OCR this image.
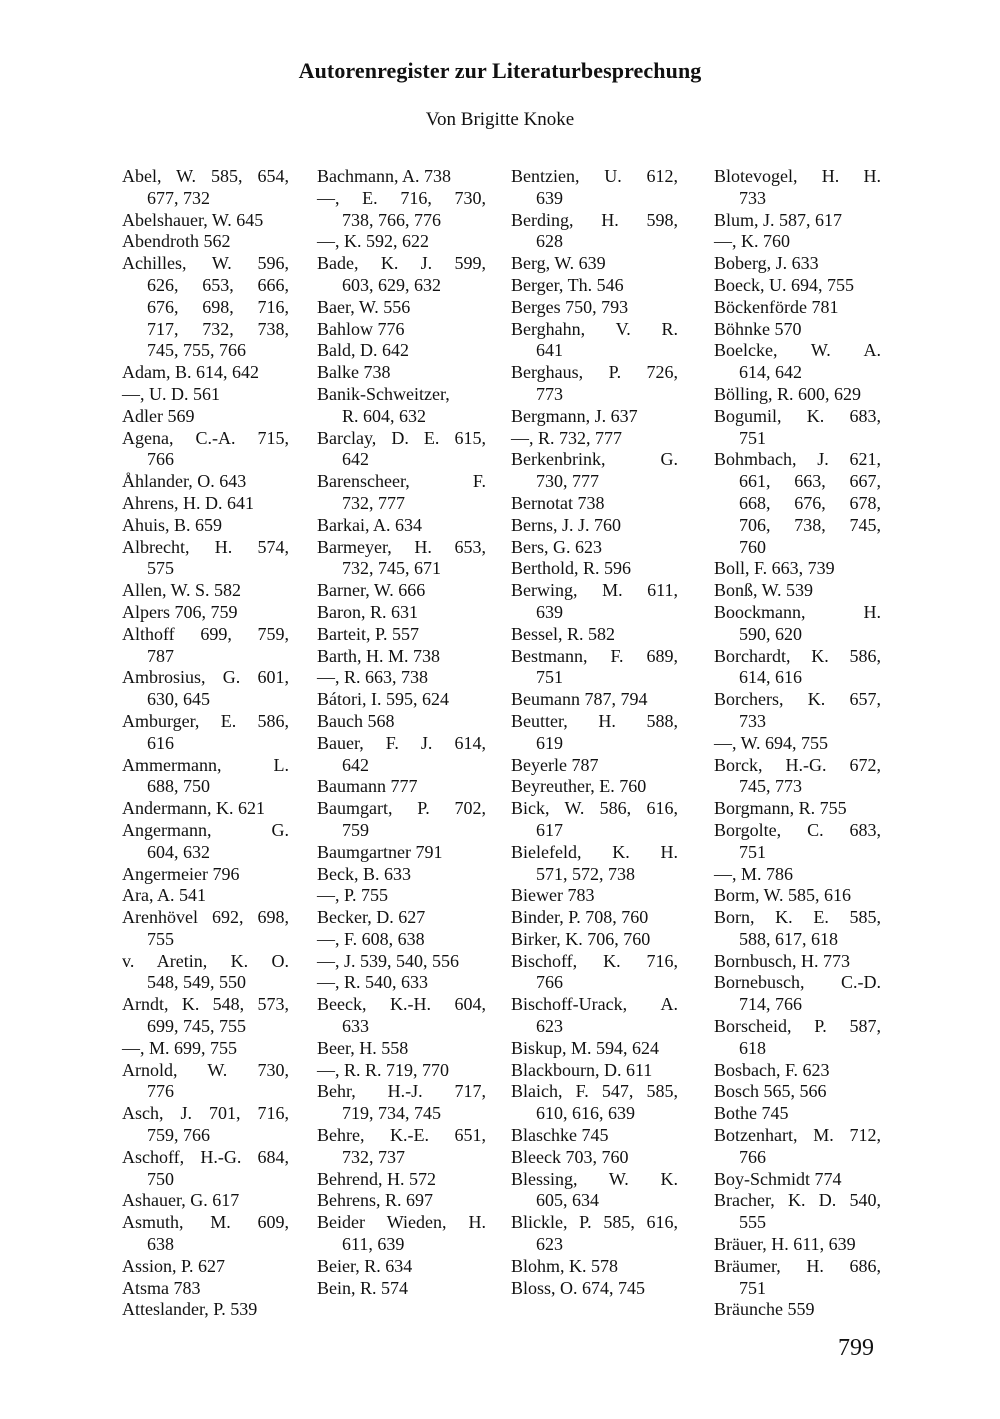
Autorenregister zur Literaturbesprechung
Von Brigitte Knoke
Abel, W. 585, 654,
677, 732
Abelshauer, W. 645
Abendroth 562
Achilles, W. 596,
626, 653, 666,
676, 698, 716,
717, 732, 738,
745, 755, 766
Adam, B. 614, 642
—, U. D. 561
Adler 569
Agena, C.-A. 715,
766
Åhlander, O. 643
Ahrens, H. D. 641
Ahuis, B. 659
Albrecht, H. 574,
575
Allen, W. S. 582
Alpers 706, 759
Althoff 699, 759,
787
Ambrosius, G. 601,
630, 645
Amburger, E. 586,
616
Ammermann, L.
688, 750
Andermann, K. 621
Angermann, G.
604, 632
Angermeier 796
Ara, A. 541
Arenhövel 692, 698,
755
v. Aretin, K. O.
548, 549, 550
Arndt, K. 548, 573,
699, 745, 755
—, M. 699, 755
Arnold, W. 730,
776
Asch, J. 701, 716,
759, 766
Aschoff, H.-G. 684,
750
Ashauer, G. 617
Asmuth, M. 609,
638
Assion, P. 627
Atsma 783
Atteslander, P. 539
Bachmann, A. 738
—, E. 716, 730,
738, 766, 776
—, K. 592, 622
Bade, K. J. 599,
603, 629, 632
Baer, W. 556
Bahlow 776
Bald, D. 642
Balke 738
Banik-Schweitzer,
R. 604, 632
Barclay, D. E. 615,
642
Barenscheer, F.
732, 777
Barkai, A. 634
Barmeyer, H. 653,
732, 745, 671
Barner, W. 666
Baron, R. 631
Barteit, P. 557
Barth, H. M. 738
—, R. 663, 738
Bátori, I. 595, 624
Bauch 568
Bauer, F. J. 614,
642
Baumann 777
Baumgart, P. 702,
759
Baumgartner 791
Beck, B. 633
—, P. 755
Becker, D. 627
—, F. 608, 638
—, J. 539, 540, 556
—, R. 540, 633
Beeck, K.-H. 604,
633
Beer, H. 558
—, R. R. 719, 770
Behr, H.-J. 717,
719, 734, 745
Behre, K.-E. 651,
732, 737
Behrend, H. 572
Behrens, R. 697
Beider Wieden, H.
611, 639
Beier, R. 634
Bein, R. 574
Bentzien, U. 612,
639
Berding, H. 598,
628
Berg, W. 639
Berger, Th. 546
Berges 750, 793
Berghahn, V. R.
641
Berghaus, P. 726,
773
Bergmann, J. 637
—, R. 732, 777
Berkenbrink, G.
730, 777
Bernotat 738
Berns, J. J. 760
Bers, G. 623
Berthold, R. 596
Berwing, M. 611,
639
Bessel, R. 582
Bestmann, F. 689,
751
Beumann 787, 794
Beutter, H. 588,
619
Beyerle 787
Beyreuther, E. 760
Bick, W. 586, 616,
617
Bielefeld, K. H.
571, 572, 738
Biewer 783
Binder, P. 708, 760
Birker, K. 706, 760
Bischoff, K. 716,
766
Bischoff-Urack, A.
623
Biskup, M. 594, 624
Blackbourn, D. 611
Blaich, F. 547, 585,
610, 616, 639
Blaschke 745
Bleeck 703, 760
Blessing, W. K.
605, 634
Blickle, P. 585, 616,
623
Blohm, K. 578
Bloss, O. 674, 745
Blotevogel, H. H.
733
Blum, J. 587, 617
—, K. 760
Boberg, J. 633
Boeck, U. 694, 755
Böckenförde 781
Böhnke 570
Boelcke, W. A.
614, 642
Bölling, R. 600, 629
Bogumil, K. 683,
751
Bohmbach, J. 621,
661, 663, 667,
668, 676, 678,
706, 738, 745,
760
Boll, F. 663, 739
Bonß, W. 539
Boockmann, H.
590, 620
Borchardt, K. 586,
614, 616
Borchers, K. 657,
733
—, W. 694, 755
Borck, H.-G. 672,
745, 773
Borgmann, R. 755
Borgolte, C. 683,
751
—, M. 786
Borm, W. 585, 616
Born, K. E. 585,
588, 617, 618
Bornbusch, H. 773
Bornebusch, C.-D.
714, 766
Borscheid, P. 587,
618
Bosbach, F. 623
Bosch 565, 566
Bothe 745
Botzenhart, M. 712,
766
Boy-Schmidt 774
Bracher, K. D. 540,
555
Bräuer, H. 611, 639
Bräumer, H. 686,
751
Bräunche 559
799
